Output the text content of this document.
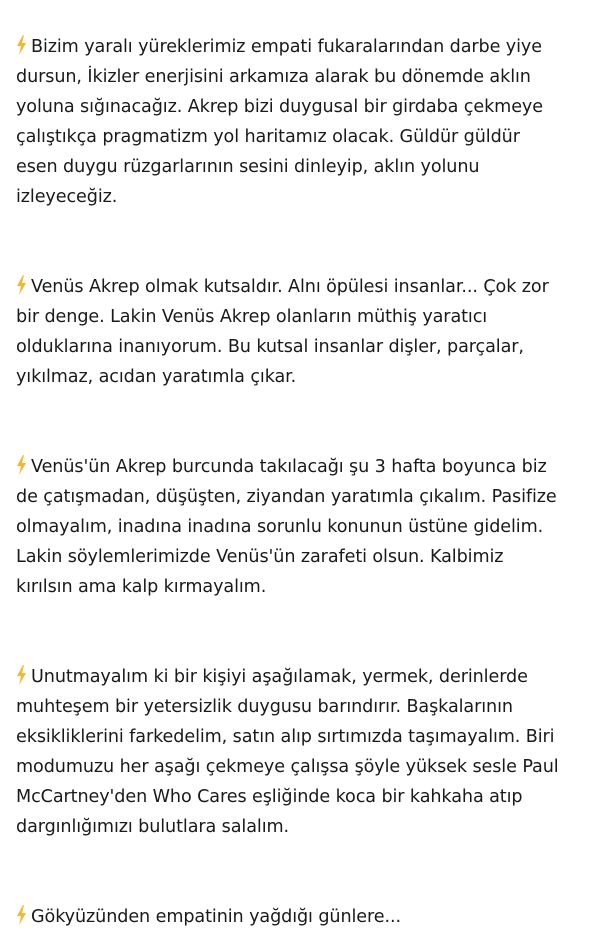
Bizim yaralı yüreklerimiz empati fukaralarından darbe yiye
dursun, İkizler enerjisini arkamıza alarak bu dönemde aklın
yoluna sığınacağız. Akrep bizi duygusal bir girdaba çekmeye
çalıştıkça pragmatizm yol haritamız olacak. Güldür güldür
esen duygu rüzgarlarının sesini dinleyip, aklın yolunu
izleyeceğiz.

Venüs Akrep olmak kutsaldır. Alnı öpülesi insanlar... Çok zor
bir denge. Lakin Venüs Akrep olanların müthiş yaratıcı
olduklarına inanıyorum. Bu kutsal insanlar dişler, parçalar,
yıkılmaz, acıdan yaratımla çıkar.

Venüs'ün Akrep burcunda takılacağı şu 3 hafta boyunca biz
de çatışmadan, düşüşten, ziyandan yaratımla çıkalım. Pasifize
olmayalım, inadına inadına sorunlu konunun üstüne gidelim.
Lakin söylemlerimizde Venüs'ün zarafeti olsun. Kalbimiz
kırılsın ama kalp kırmayalım.

Unutmayalım ki bir kişiyi aşağılamak, yermek, derinlerde
muhteşem bir yetersizlik duygusu barındırır. Başkalarının
eksikliklerini farkedelim, satın alıp sırtımızda taşımayalım. Biri
modumuzu her aşağı çekmeye çalışsa şöyle yüksek sesle Paul
McCartney'den Who Cares eşliğinde koca bir kahkaha atıp
dargınlığımızı bulutlara salalım.

Gökyüzünden empatinin yağdığı günlere...
